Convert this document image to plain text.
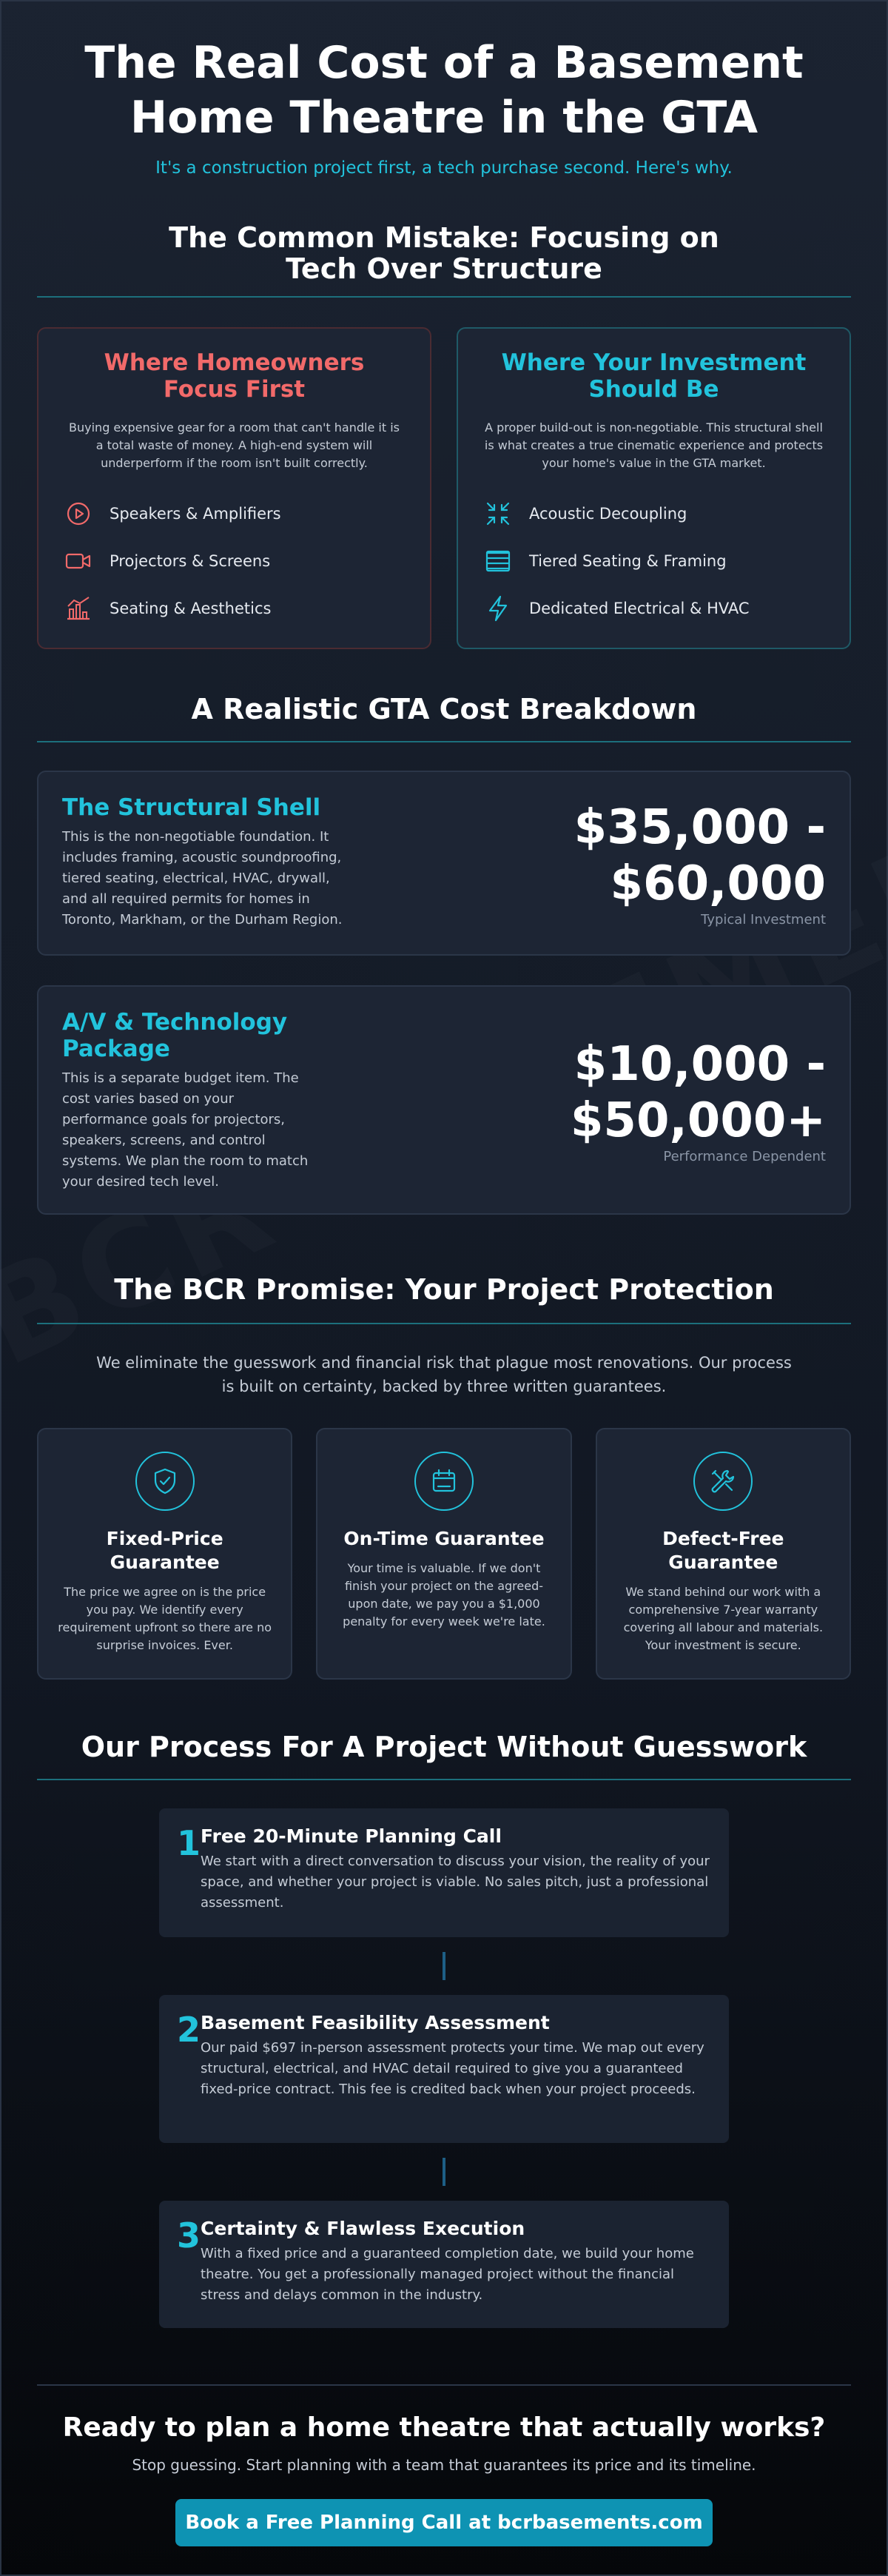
The Real Cost of a Basement Home Theatre in the GTA

It's a construction project first, a tech purchase second. Here's why.

The Common Mistake: Focusing on Tech Over Structure
Where Homeowners Focus First

Buying expensive gear for a room that can't handle it is a total waste of money. A high-end system will underperform if the room isn't built correctly.

Speakers & Amplifiers
Projectors & Screens
Seating & Aesthetics
Where Your Investment Should Be

A proper build-out is non-negotiable. This structural shell is what creates a true cinematic experience and protects your home's value in the GTA market.

Acoustic Decoupling
Tiered Seating & Framing
Dedicated Electrical & HVAC
A Realistic GTA Cost Breakdown
The Structural Shell

This is the non-negotiable foundation. It includes framing, acoustic soundproofing, tiered seating, electrical, HVAC, drywall, and all required permits for homes in Toronto, Markham, or the Durham Region.

$35,000 - $60,000
Typical Investment
A/V & Technology Package

This is a separate budget item. The cost varies based on your performance goals for projectors, speakers, screens, and control systems. We plan the room to match your desired tech level.

$10,000 - $50,000+
Performance Dependent
The BCR Promise: Your Project Protection

We eliminate the guesswork and financial risk that plague most renovations. Our process is built on certainty, backed by three written guarantees.

Fixed-Price Guarantee

The price we agree on is the price you pay. We identify every requirement upfront so there are no surprise invoices. Ever.

On-Time Guarantee

Your time is valuable. If we don't finish your project on the agreed-upon date, we pay you a $1,000 penalty for every week we're late.

Defect-Free Guarantee

We stand behind our work with a comprehensive 7-year warranty covering all labour and materials. Your investment is secure.

Our Process For A Project Without Guesswork
1 Free 20-Minute Planning Call

We start with a direct conversation to discuss your vision, the reality of your space, and whether your project is viable. No sales pitch, just a professional assessment.

2 Basement Feasibility Assessment

Our paid $697 in-person assessment protects your time. We map out every structural, electrical, and HVAC detail required to give you a guaranteed fixed-price contract. This fee is credited back when your project proceeds.

3 Certainty & Flawless Execution

With a fixed price and a guaranteed completion date, we build your home theatre. You get a professionally managed project without the financial stress and delays common in the industry.

Ready to plan a home theatre that actually works?

Stop guessing. Start planning with a team that guarantees its price and its timeline.

Book a Free Planning Call at bcrbasements.com
